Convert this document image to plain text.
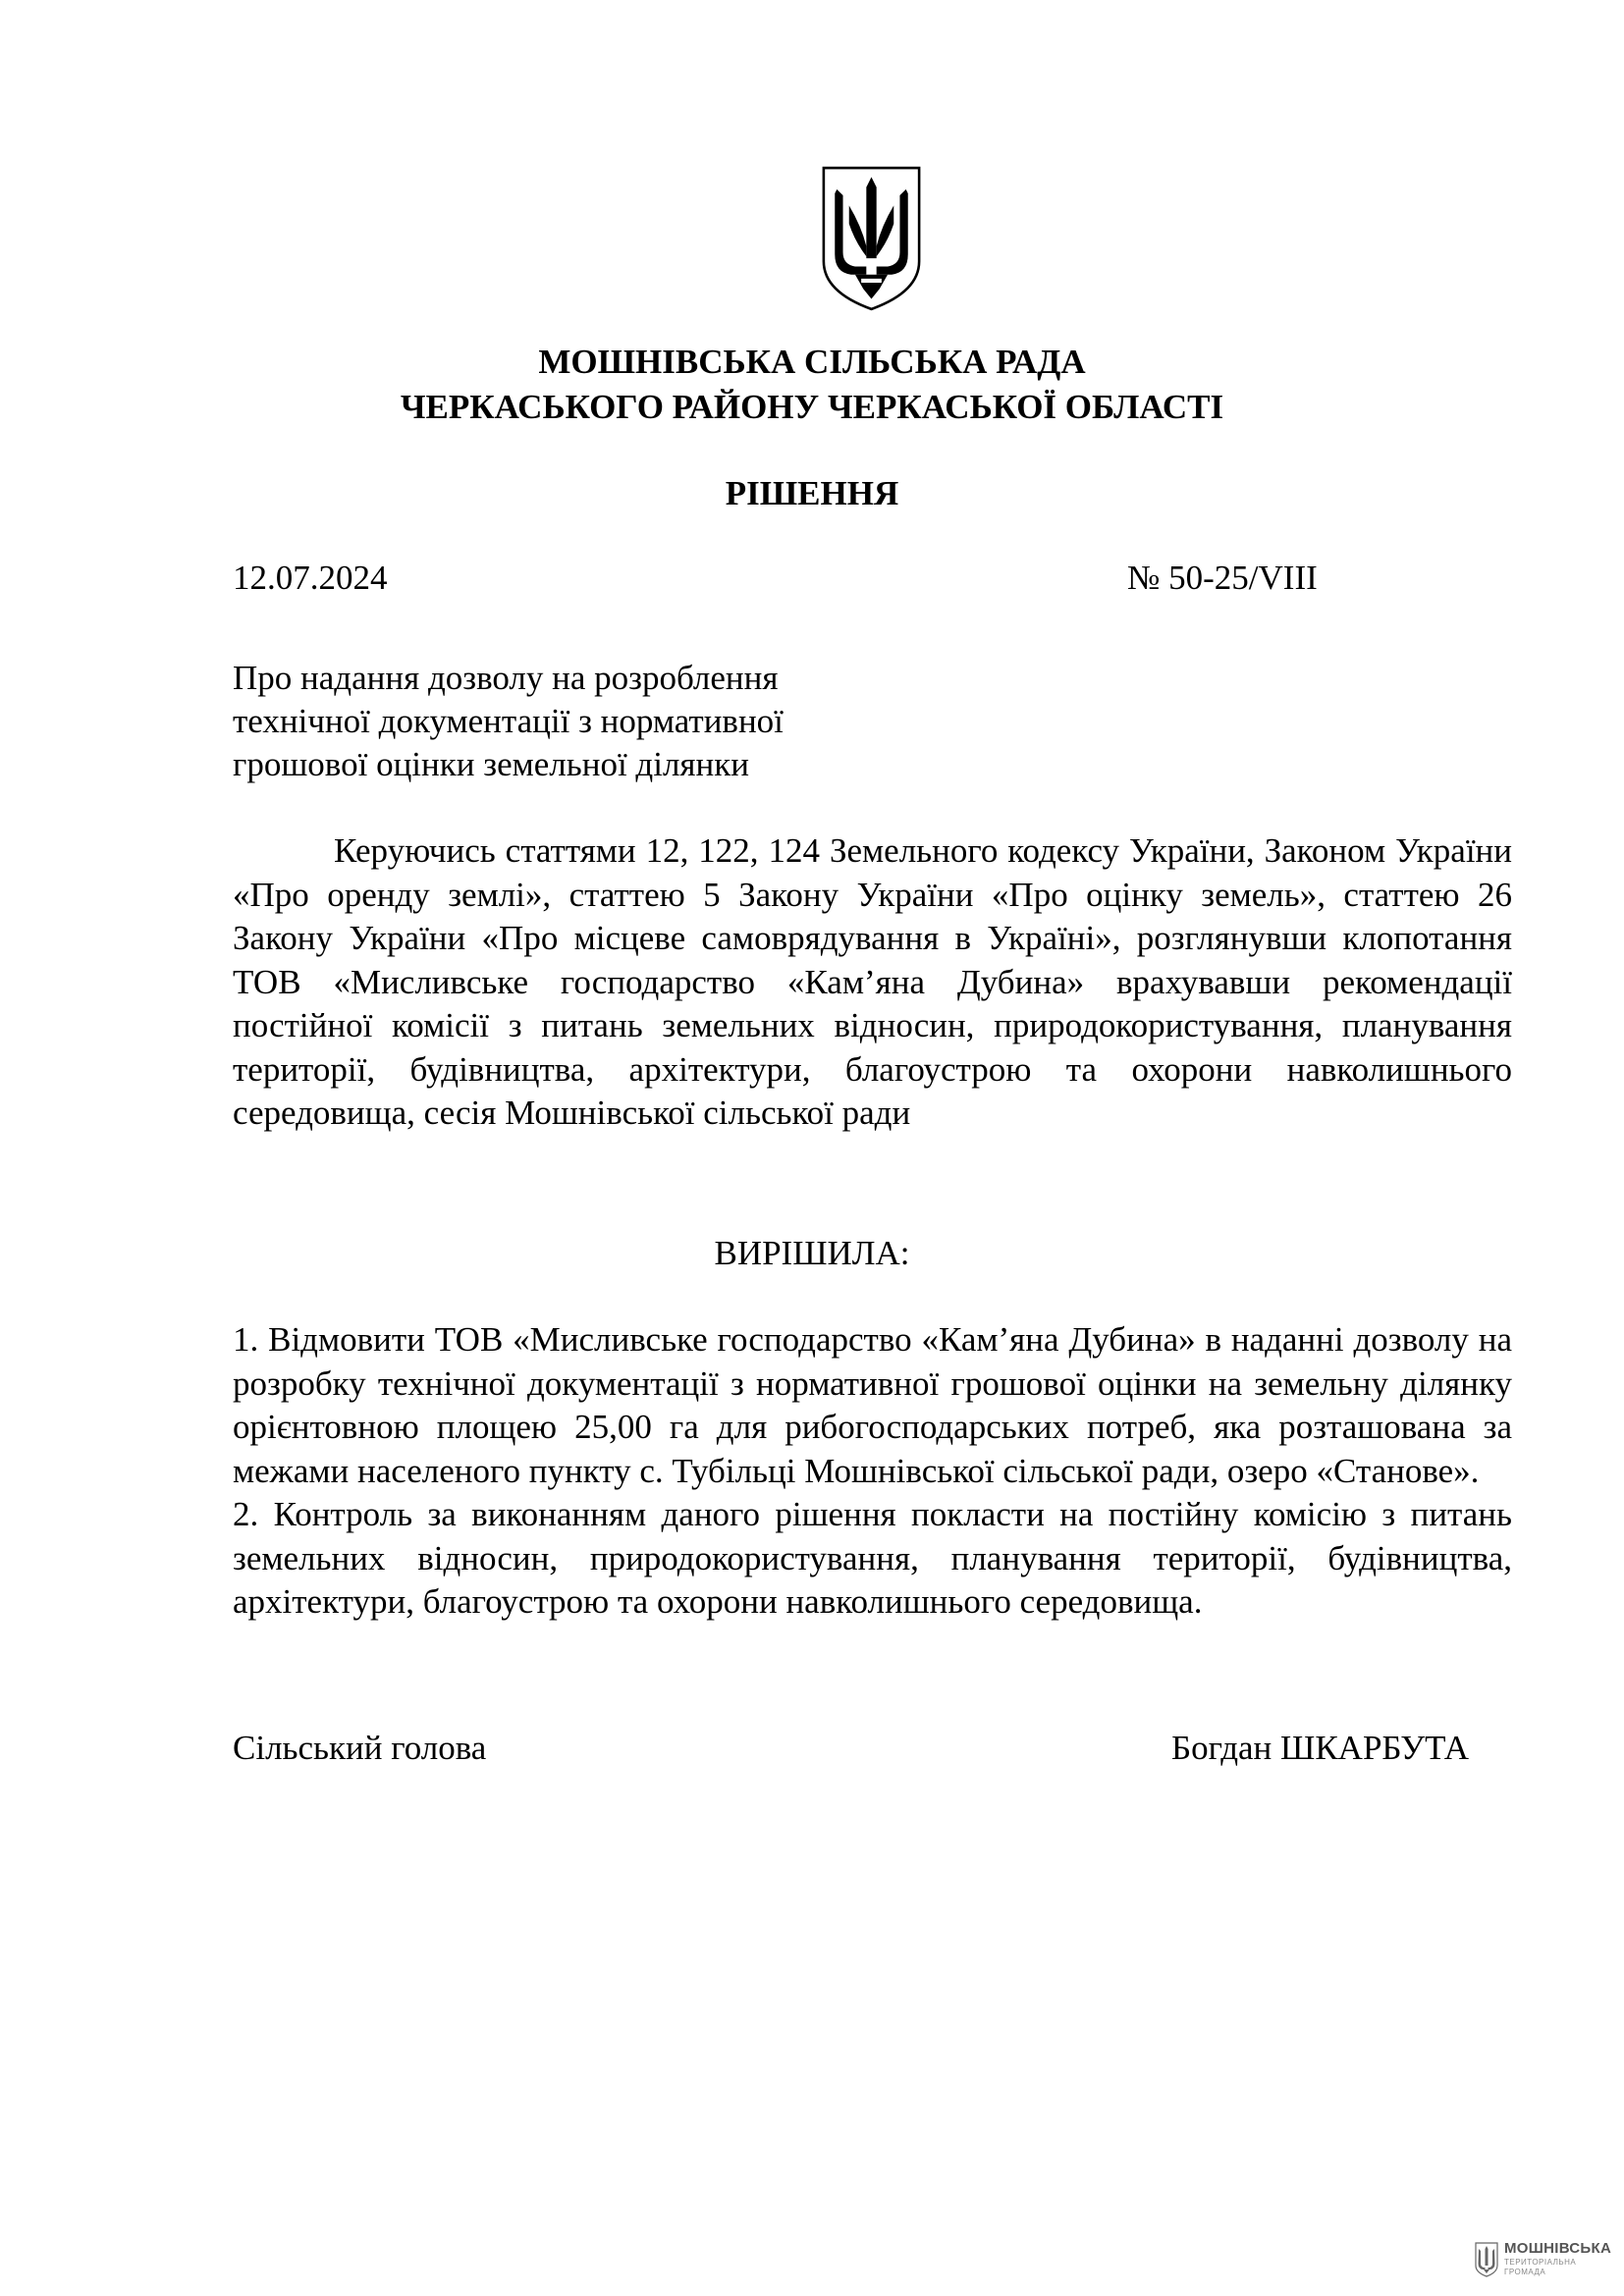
МОШНІВСЬКА СІЛЬСЬКА РАДА
ЧЕРКАСЬКОГО РАЙОНУ ЧЕРКАСЬКОЇ ОБЛАСТІ
РІШЕННЯ
12.07.2024	№ 50-25/VIII
Про надання дозволу на розроблення
технічної документації з нормативної
грошової оцінки земельної ділянки

Керуючись статтями 12, 122, 124 Земельного кодексу України, Законом України «Про оренду землі», статтею 5 Закону України «Про оцінку земель», статтею 26 Закону України «Про місцеве самоврядування в Україні», розглянувши клопотання ТОВ «Мисливське господарство «Кам’яна Дубина» врахувавши рекомендації постійної комісії з питань земельних відносин, природокористування, планування території, будівництва, архітектури, благоустрою та охорони навколишнього середовища, сесія Мошнівської сільської ради

ВИРІШИЛА:

1. Відмовити ТОВ «Мисливське господарство «Кам’яна Дубина» в наданні дозволу на розробку технічної документації з нормативної грошової оцінки на земельну ділянку орієнтовною площею 25,00 га для рибогосподарських потреб, яка розташована за межами населеного пункту с. Тубільці Мошнівської сільської ради, озеро «Станове».

2. Контроль за виконанням даного рішення покласти на постійну комісію з питань земельних відносин, природокористування, планування території, будівництва, архітектури, благоустрою та охорони навколишнього середовища.

Сільський голова	Богдан ШКАРБУТА
МОШНІВСЬКА
ТЕРИТОРІАЛЬНА
ГРОМАДА
